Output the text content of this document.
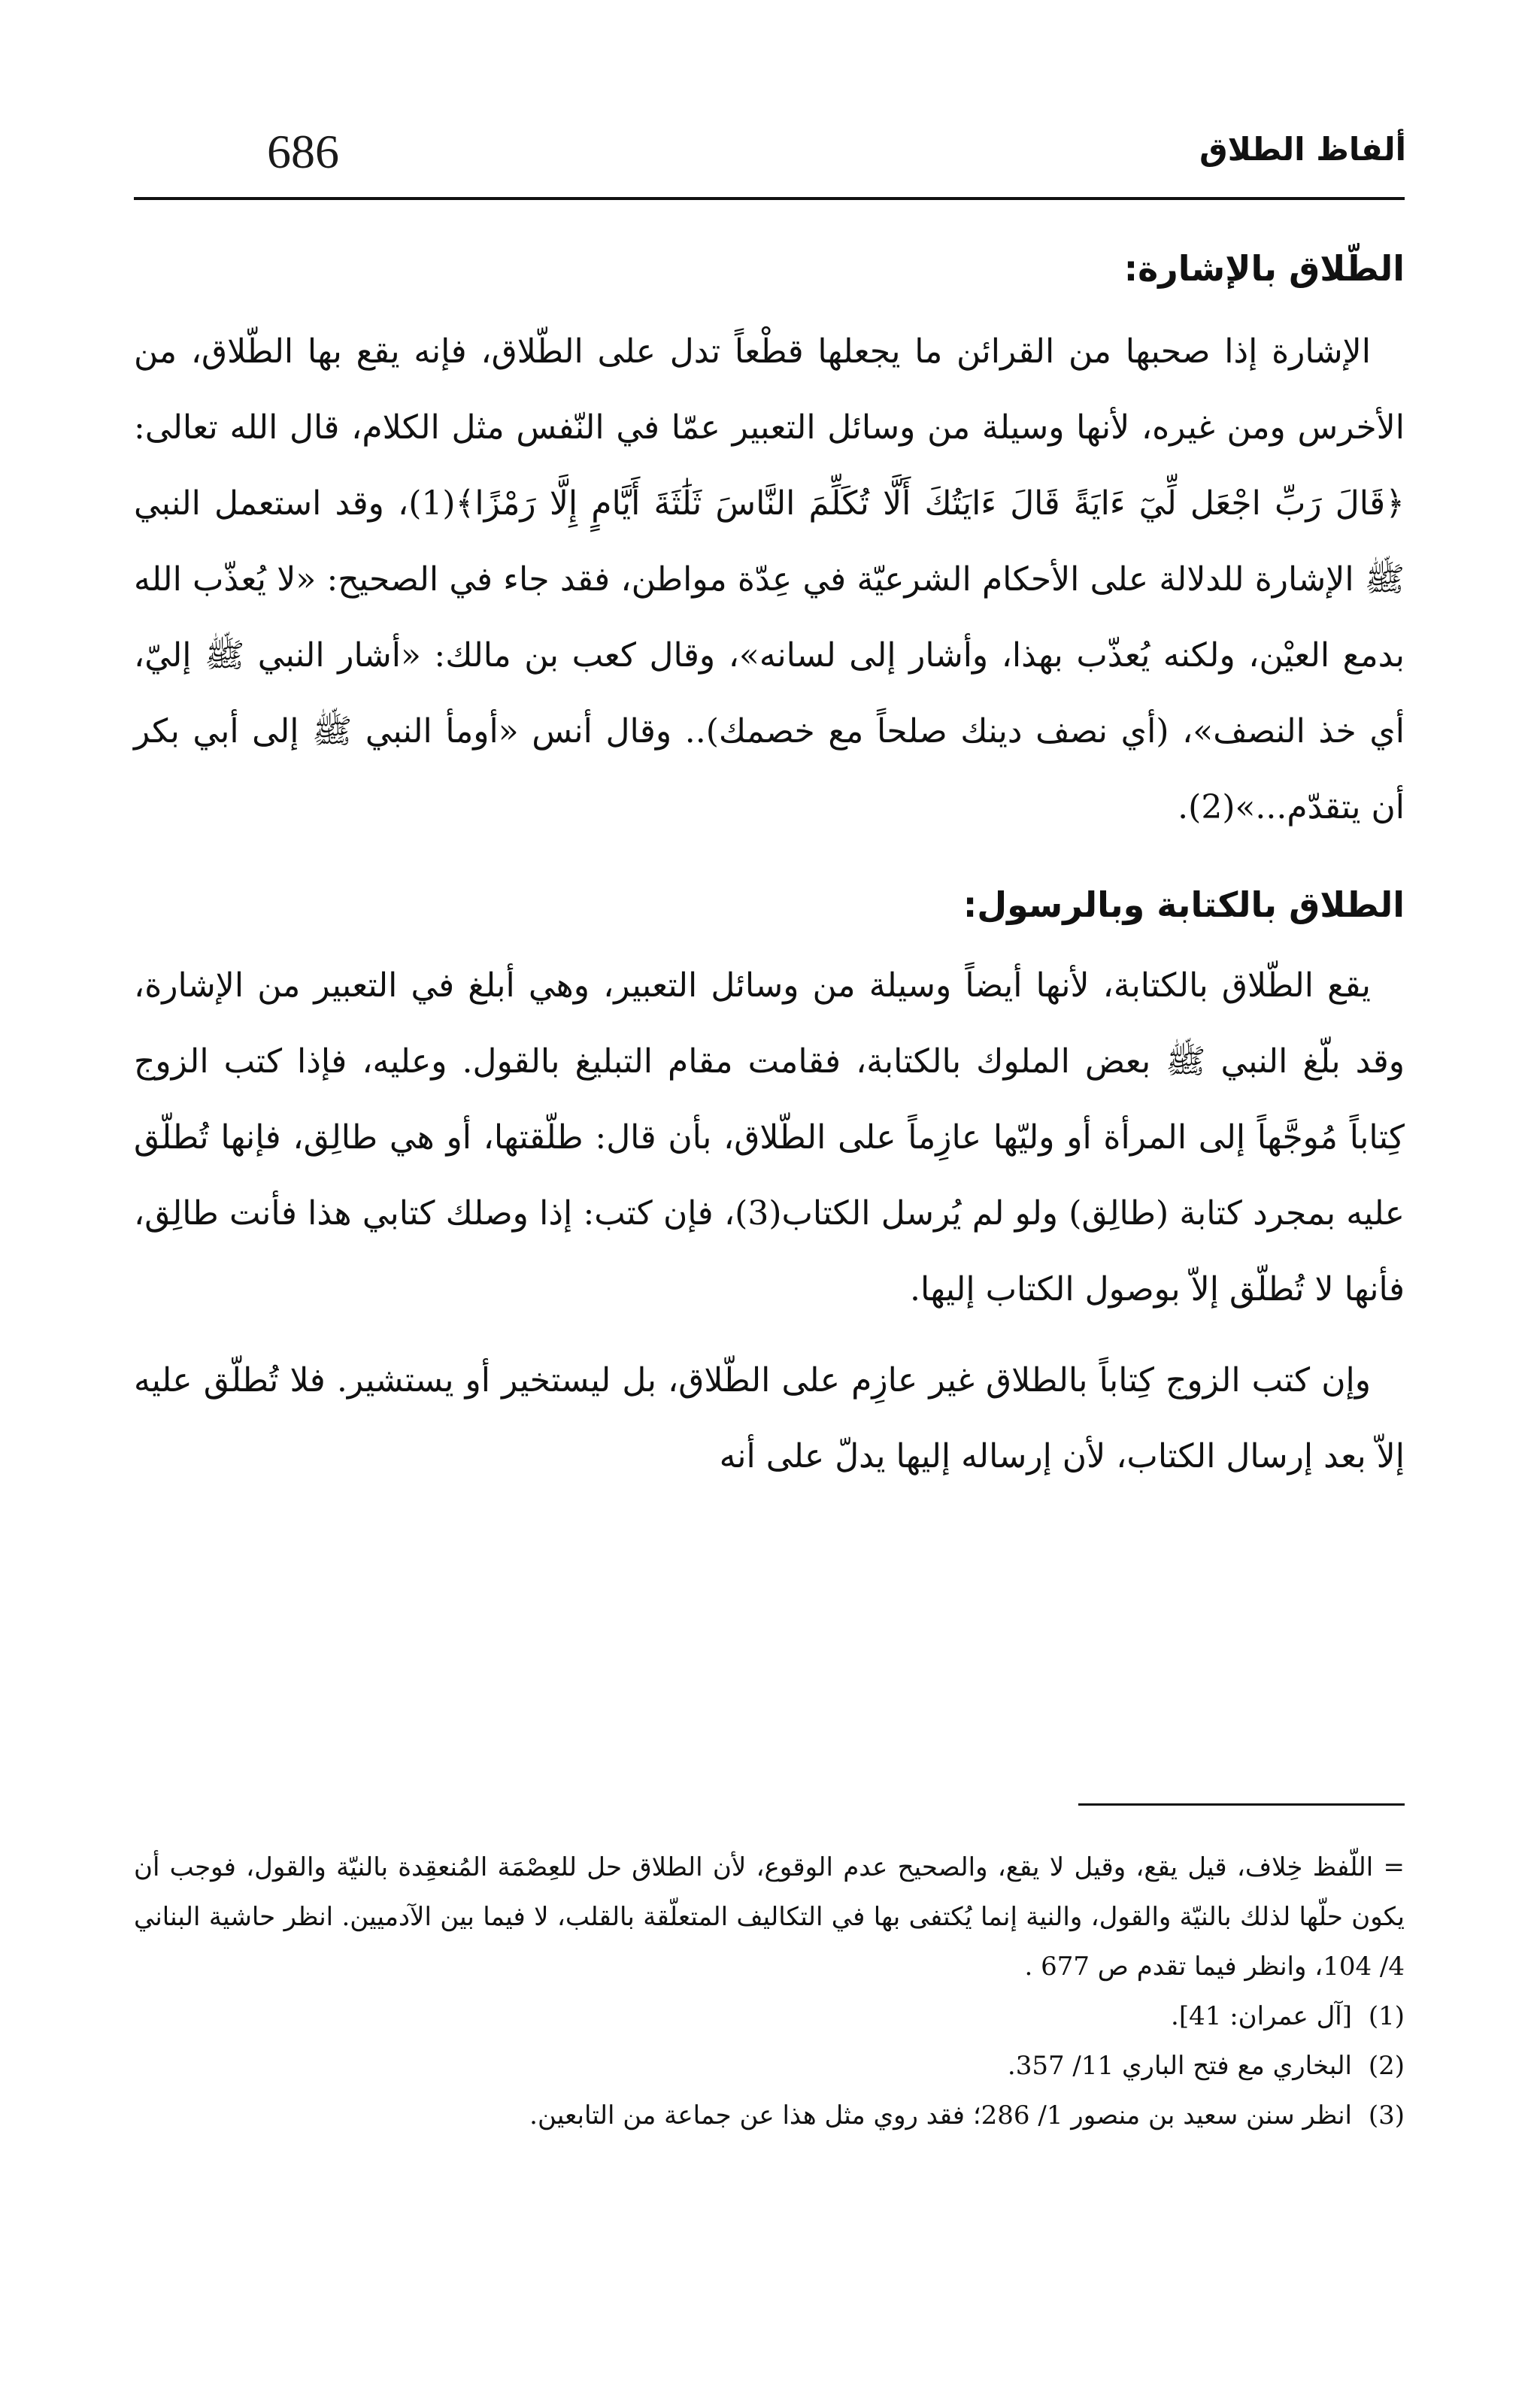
686	ألفاظ الطلاق
الطّلاق بالإشارة:

الإشارة إذا صحبها من القرائن ما يجعلها قطْعاً تدل على الطّلاق، فإنه يقع بها الطّلاق، من الأخرس ومن غيره، لأنها وسيلة من وسائل التعبير عمّا في النّفس مثل الكلام، قال الله تعالى: ﴿قَالَ رَبِّ اجْعَل لِّيٓ ءَايَةً قَالَ ءَايَتُكَ أَلَّا تُكَلِّمَ النَّاسَ ثَلَٰثَةَ أَيَّامٍ إِلَّا رَمْزًا﴾(1)، وقد استعمل النبي ﷺ الإشارة للدلالة على الأحكام الشرعيّة في عِدّة مواطن، فقد جاء في الصحيح: «لا يُعذّب الله بدمع العيْن، ولكنه يُعذّب بهذا، وأشار إلى لسانه»، وقال كعب بن مالك: «أشار النبي ﷺ إليّ، أي خذ النصف»، (أي نصف دينك صلحاً مع خصمك).. وقال أنس «أومأ النبي ﷺ إلى أبي بكر أن يتقدّم...»(2).

الطلاق بالكتابة وبالرسول:

يقع الطّلاق بالكتابة، لأنها أيضاً وسيلة من وسائل التعبير، وهي أبلغ في التعبير من الإشارة، وقد بلّغ النبي ﷺ بعض الملوك بالكتابة، فقامت مقام التبليغ بالقول. وعليه، فإذا كتب الزوج كِتاباً مُوجَّهاً إلى المرأة أو وليّها عازِماً على الطّلاق، بأن قال: طلّقتها، أو هي طالِق، فإنها تُطلّق عليه بمجرد كتابة (طالِق) ولو لم يُرسل الكتاب(3)، فإن كتب: إذا وصلك كتابي هذا فأنت طالِق، فأنها لا تُطلّق إلاّ بوصول الكتاب إليها.

وإن كتب الزوج كِتاباً بالطلاق غير عازِم على الطّلاق، بل ليستخير أو يستشير. فلا تُطلّق عليه إلاّ بعد إرسال الكتاب، لأن إرساله إليها يدلّ على أنه

= اللّفظ خِلاف، قيل يقع، وقيل لا يقع، والصحيح عدم الوقوع، لأن الطلاق حل للعِصْمَة المُنعقِدة بالنيّة والقول، فوجب أن يكون حلّها لذلك بالنيّة والقول، والنية إنما يُكتفى بها في التكاليف المتعلّقة بالقلب، لا فيما بين الآدميين. انظر حاشية البناني 4/ 104، وانظر فيما تقدم ص 677 .

(1)
[آل عمران: 41].
(2)
البخاري مع فتح الباري 11/ 357.
(3)
انظر سنن سعيد بن منصور 1/ 286؛ فقد روي مثل هذا عن جماعة من التابعين.
